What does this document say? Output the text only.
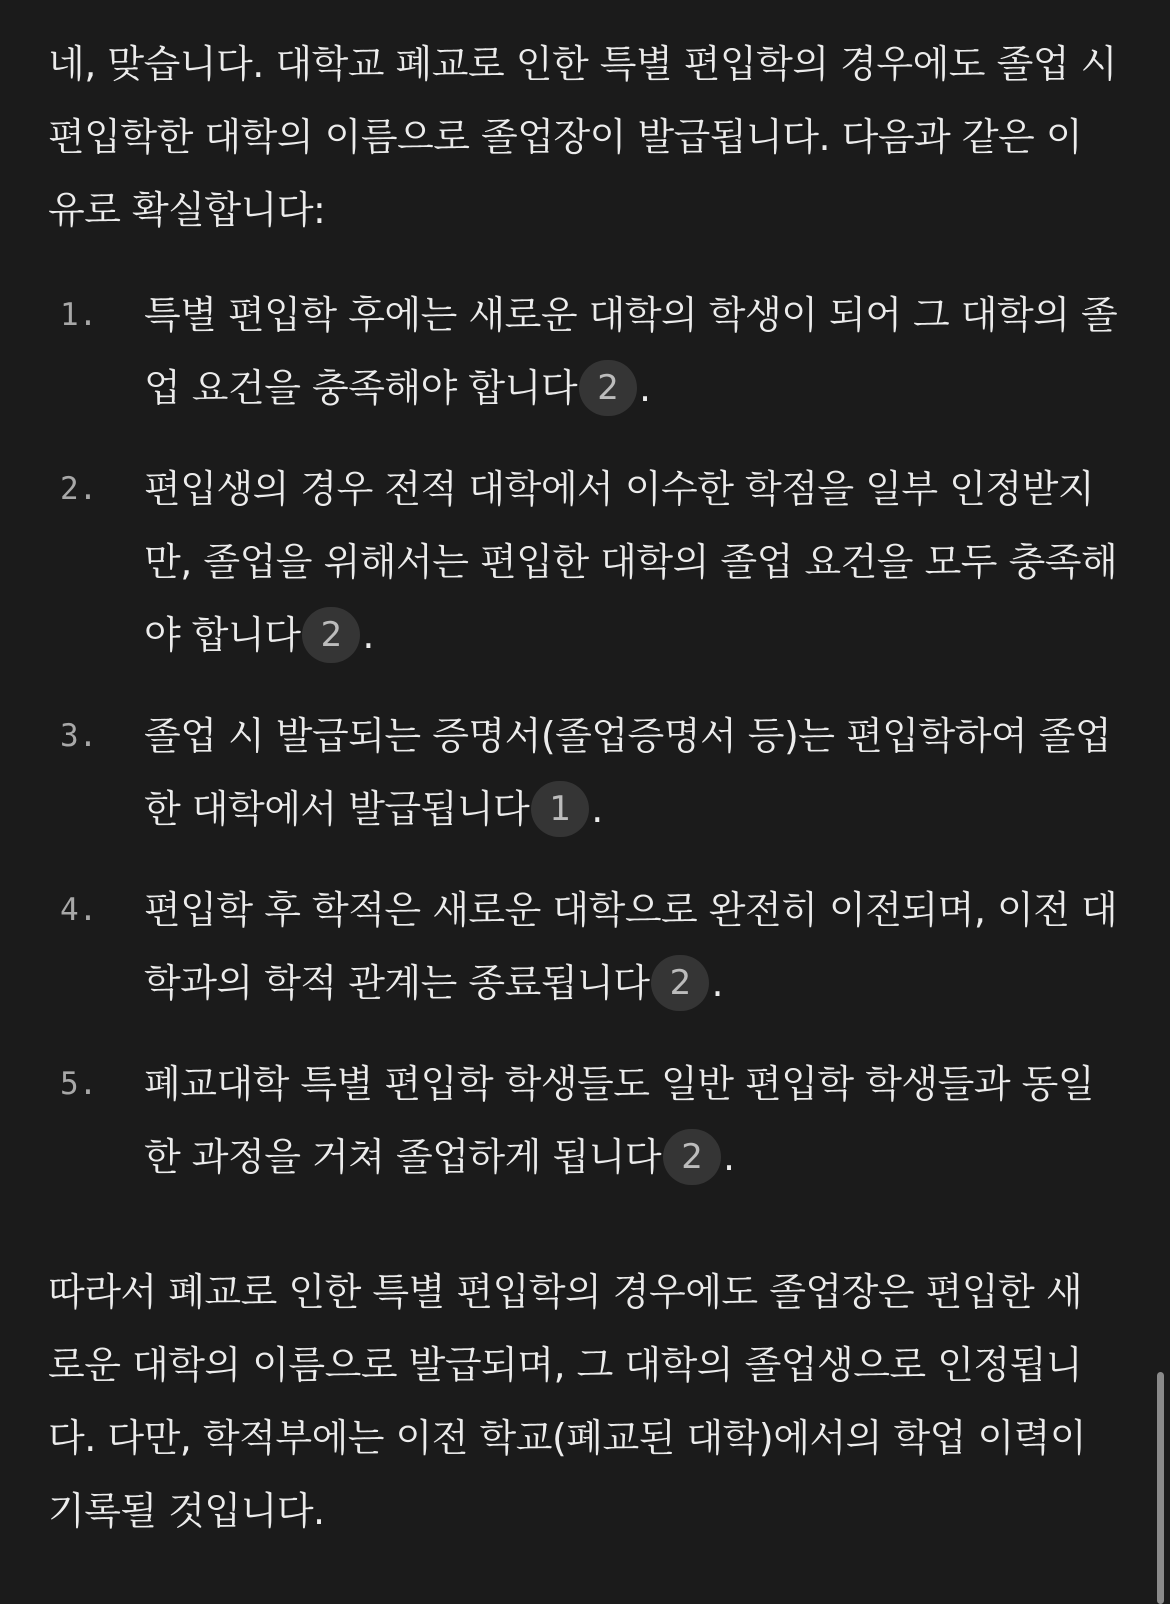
네, 맞습니다. 대학교 폐교로 인한 특별 편입학의 경우에도 졸업 시 편입학한 대학의 이름으로 졸업장이 발급됩니다. 다음과 같은 이유로 확실합니다:

1. 특별 편입학 후에는 새로운 대학의 학생이 되어 그 대학의 졸업 요건을 충족해야 합니다 2 .
2. 편입생의 경우 전적 대학에서 이수한 학점을 일부 인정받지만, 졸업을 위해서는 편입한 대학의 졸업 요건을 모두 충족해야 합니다 2 .
3. 졸업 시 발급되는 증명서(졸업증명서 등)는 편입학하여 졸업한 대학에서 발급됩니다 1 .
4. 편입학 후 학적은 새로운 대학으로 완전히 이전되며, 이전 대학과의 학적 관계는 종료됩니다 2 .
5. 폐교대학 특별 편입학 학생들도 일반 편입학 학생들과 동일한 과정을 거쳐 졸업하게 됩니다 2 .

따라서 폐교로 인한 특별 편입학의 경우에도 졸업장은 편입한 새로운 대학의 이름으로 발급되며, 그 대학의 졸업생으로 인정됩니다. 다만, 학적부에는 이전 학교(폐교된 대학)에서의 학업 이력이 기록될 것입니다.
